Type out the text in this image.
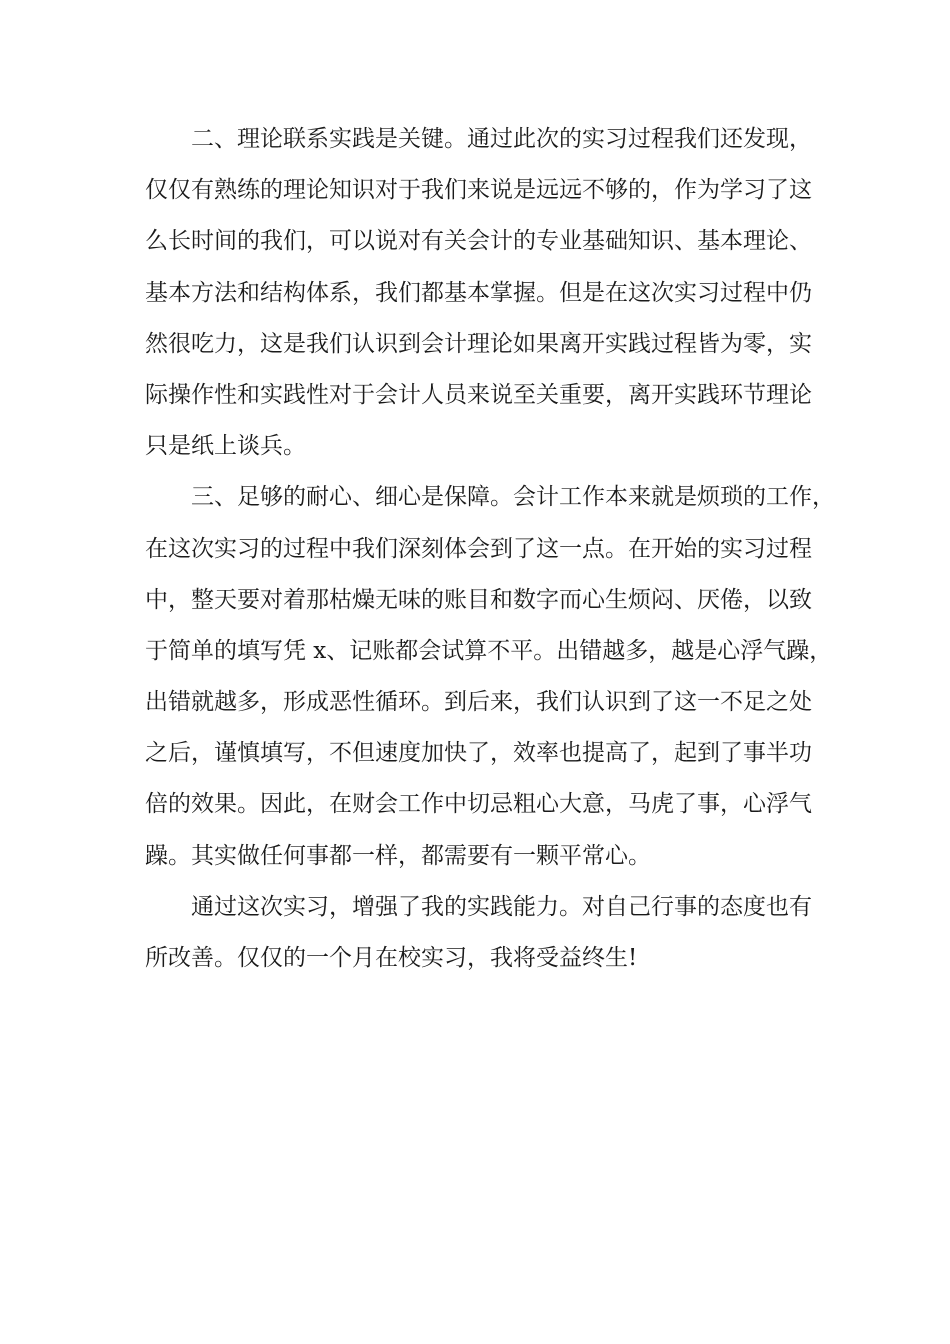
二、理论联系实践是关键。通过此次的实习过程我们还发现，
仅仅有熟练的理论知识对于我们来说是远远不够的，作为学习了这
么长时间的我们，可以说对有关会计的专业基础知识、基本理论、
基本方法和结构体系，我们都基本掌握。但是在这次实习过程中仍
然很吃力，这是我们认识到会计理论如果离开实践过程皆为零，实
际操作性和实践性对于会计人员来说至关重要，离开实践环节理论
只是纸上谈兵。
三、足够的耐心、细心是保障。会计工作本来就是烦琐的工作，
在这次实习的过程中我们深刻体会到了这一点。在开始的实习过程
中，整天要对着那枯燥无味的账目和数字而心生烦闷、厌倦，以致
于简单的填写凭 x、记账都会试算不平。出错越多，越是心浮气躁，
出错就越多，形成恶性循环。到后来，我们认识到了这一不足之处
之后，谨慎填写，不但速度加快了，效率也提高了，起到了事半功
倍的效果。因此，在财会工作中切忌粗心大意，马虎了事，心浮气
躁。其实做任何事都一样，都需要有一颗平常心。
通过这次实习，增强了我的实践能力。对自己行事的态度也有
所改善。仅仅的一个月在校实习，我将受益终生!
